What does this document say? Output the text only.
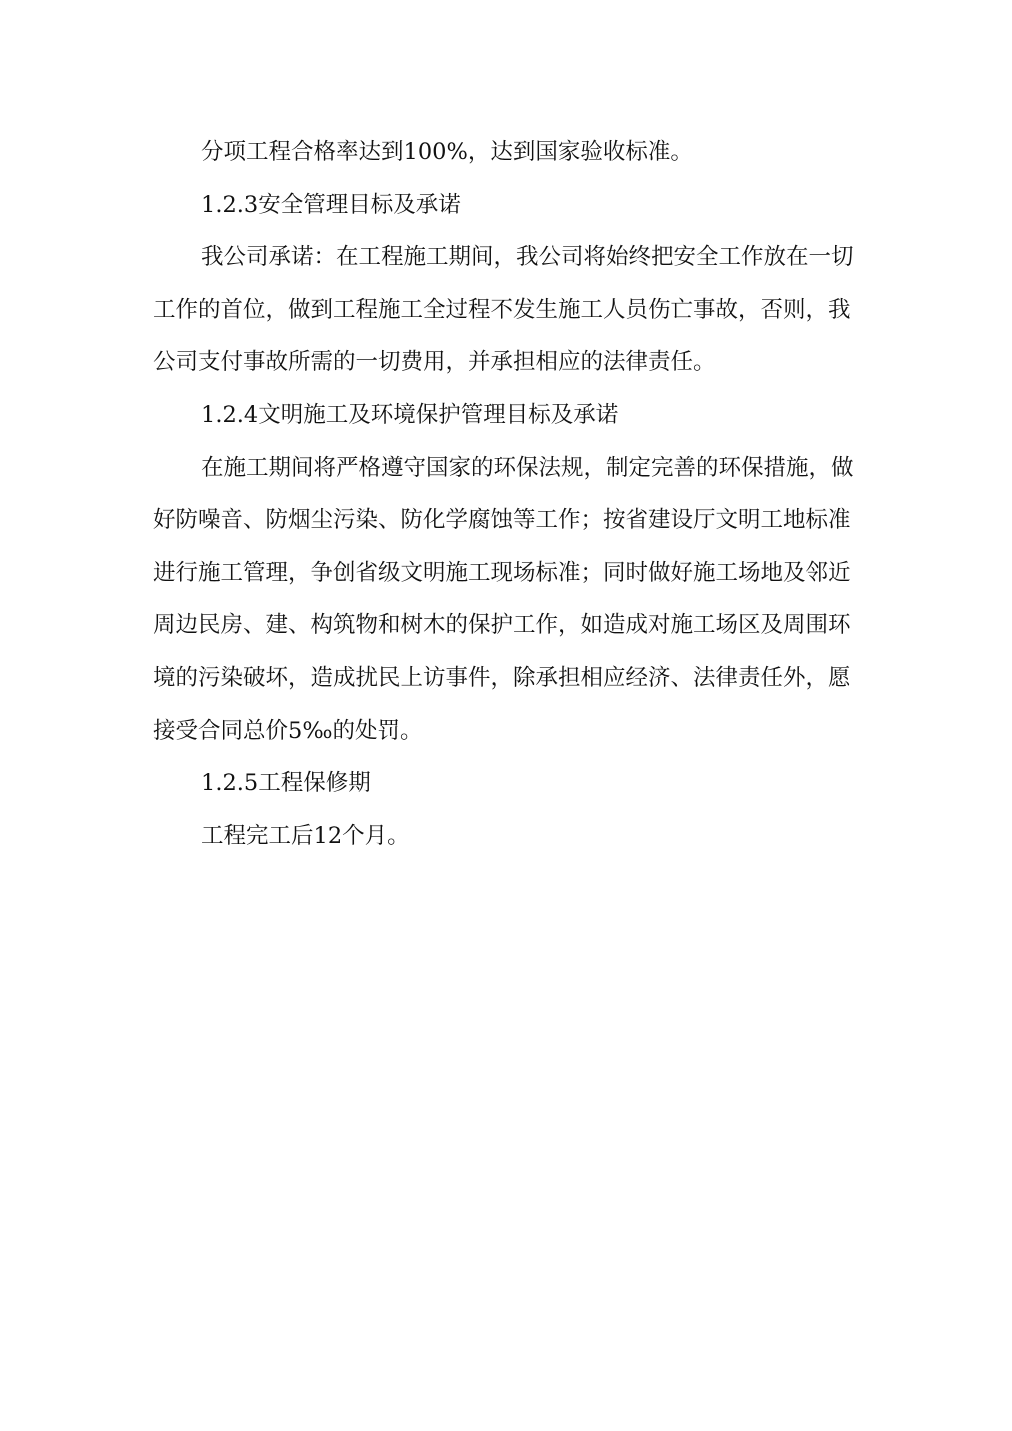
分项工程合格率达到100%，达到国家验收标准。
1.2.3安全管理目标及承诺
我公司承诺：在工程施工期间，我公司将始终把安全工作放在一切
工作的首位，做到工程施工全过程不发生施工人员伤亡事故，否则，我
公司支付事故所需的一切费用，并承担相应的法律责任。
1.2.4文明施工及环境保护管理目标及承诺
在施工期间将严格遵守国家的环保法规，制定完善的环保措施，做
好防噪音、防烟尘污染、防化学腐蚀等工作；按省建设厅文明工地标准
进行施工管理，争创省级文明施工现场标准；同时做好施工场地及邻近
周边民房、建、构筑物和树木的保护工作，如造成对施工场区及周围环
境的污染破坏，造成扰民上访事件，除承担相应经济、法律责任外，愿
接受合同总价5‰的处罚。
1.2.5工程保修期
工程完工后12个月。
